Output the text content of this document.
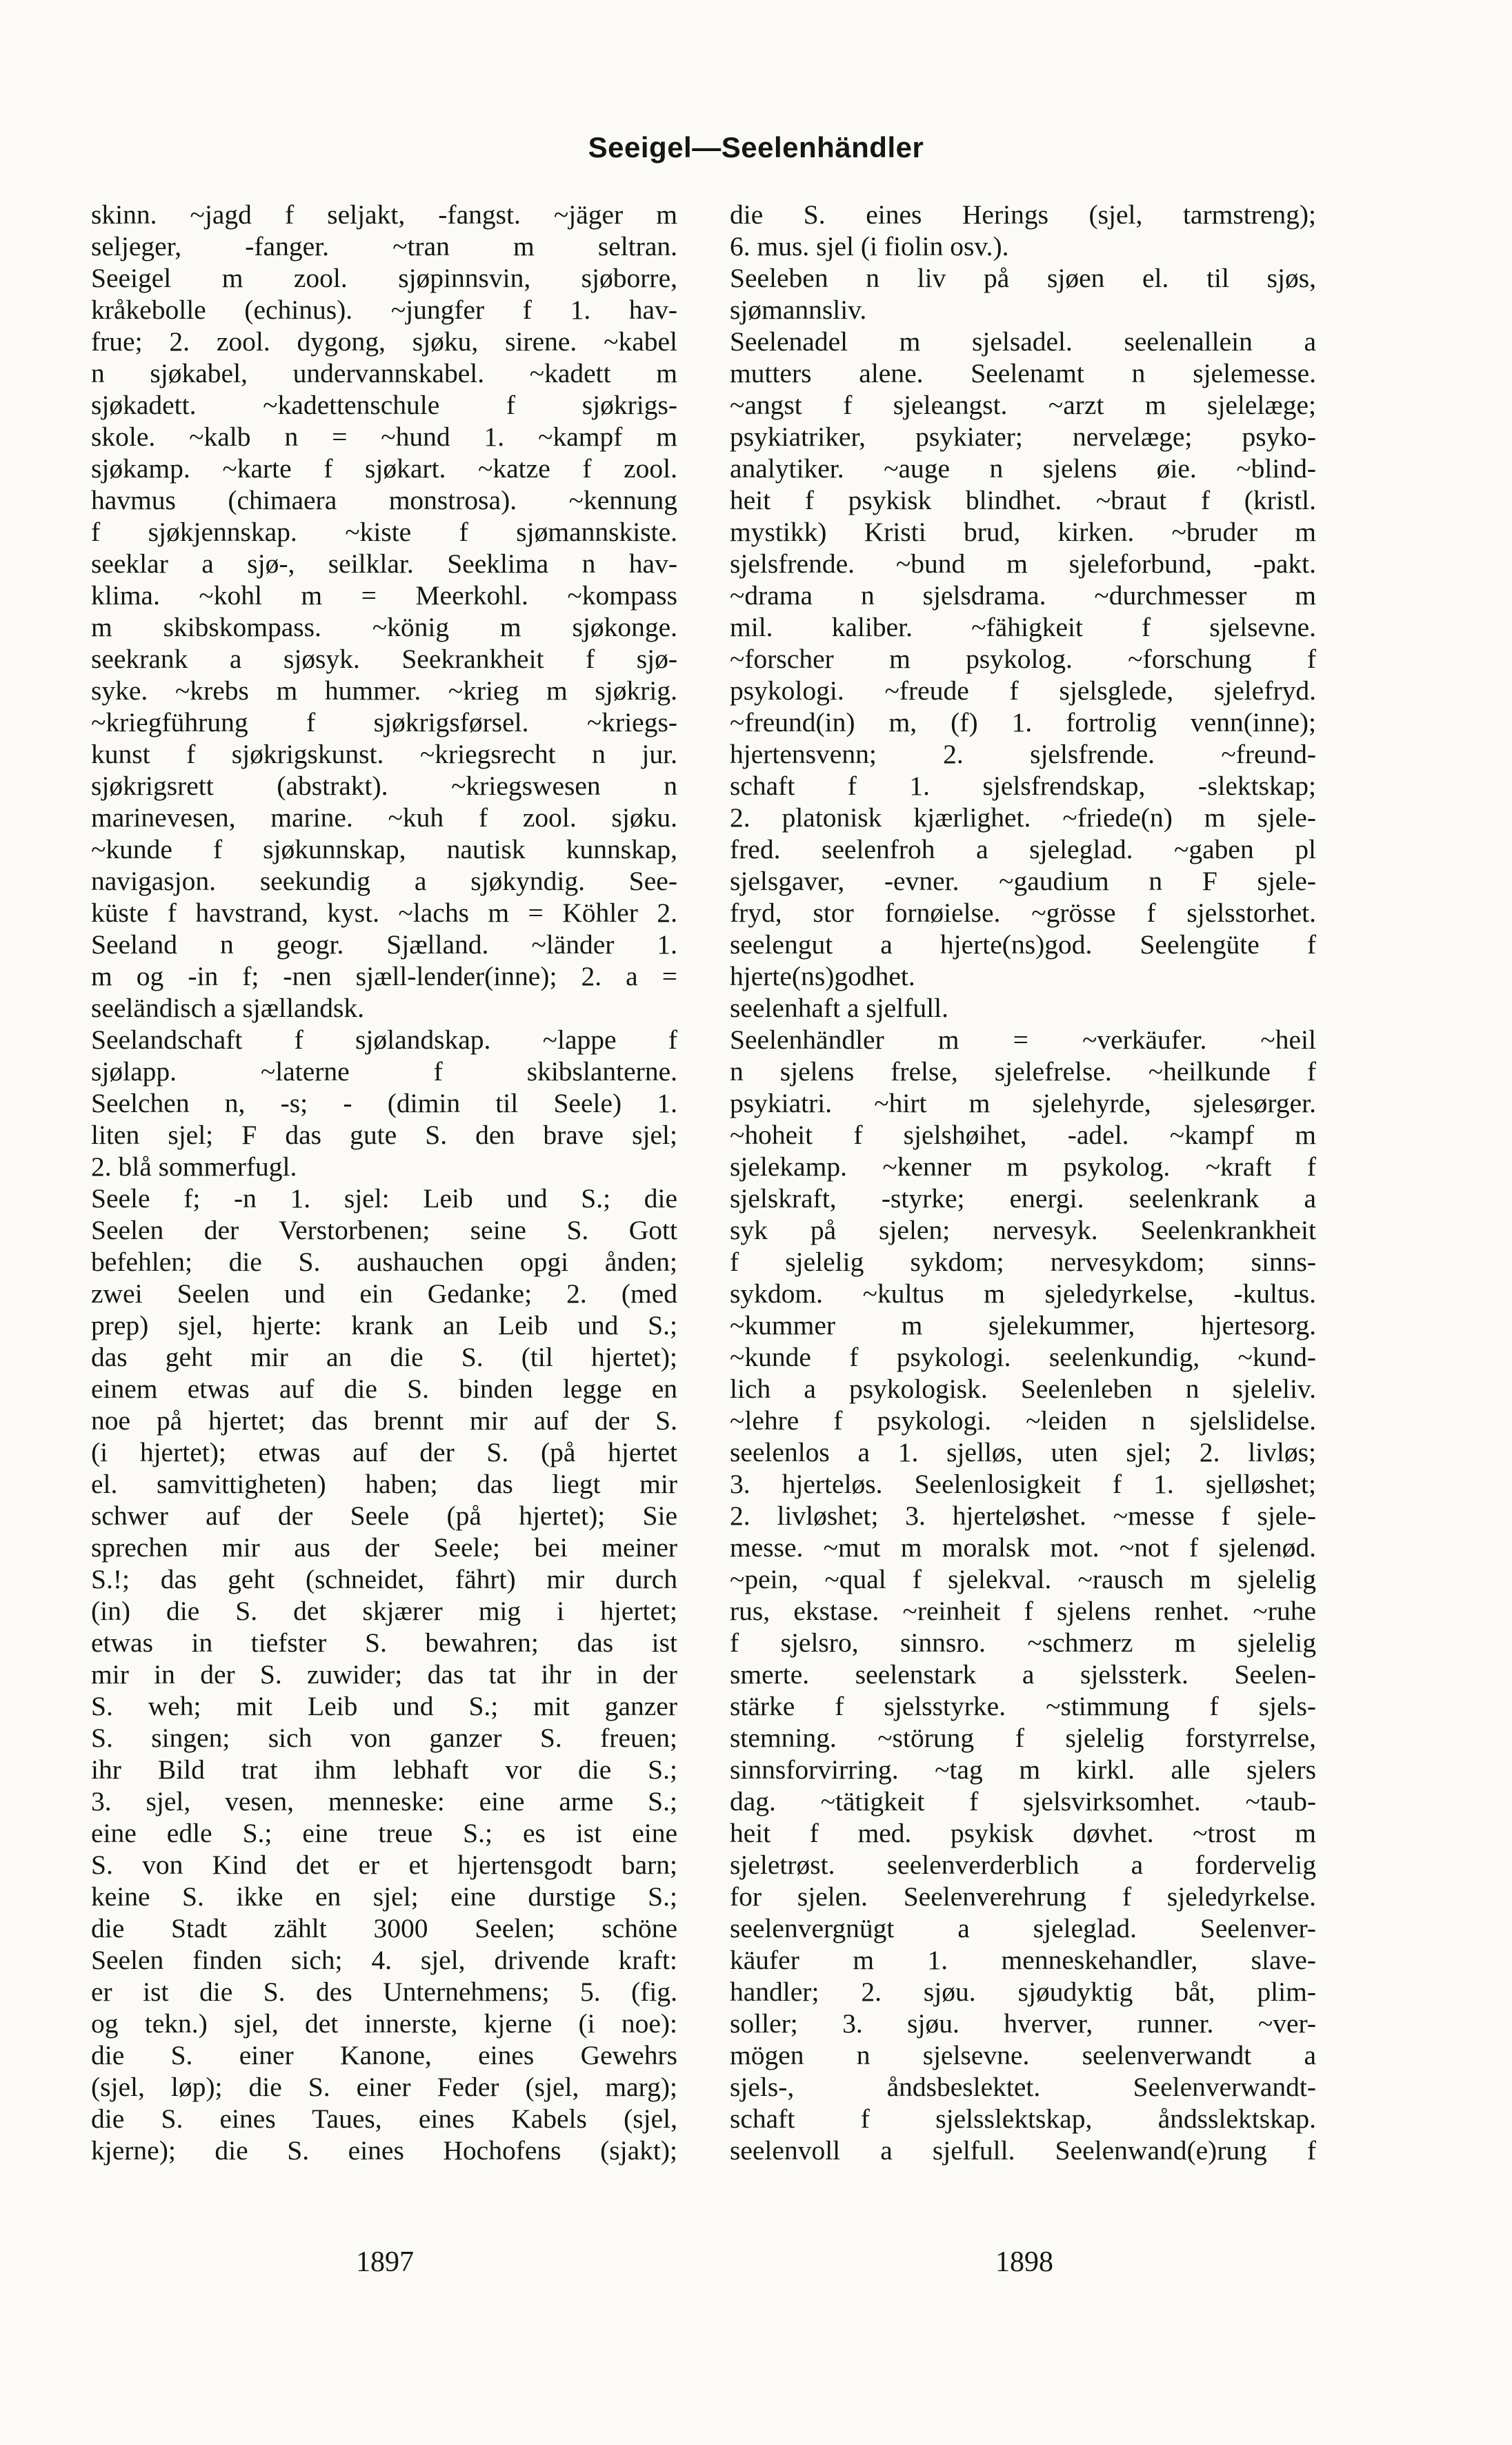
Seeigel—Seelenhändler
skinn. ~jagd f seljakt, -fangst. ~jäger m
seljeger, -fanger. ~tran m seltran.
Seeigel m zool. sjøpinnsvin, sjøborre,
kråkebolle (echinus). ~jungfer f 1. hav-
frue; 2. zool. dygong, sjøku, sirene. ~kabel
n sjøkabel, undervannskabel. ~kadett m
sjøkadett. ~kadettenschule f sjøkrigs-
skole. ~kalb n = ~hund 1. ~kampf m
sjøkamp. ~karte f sjøkart. ~katze f zool.
havmus (chimaera monstrosa). ~kennung
f sjøkjennskap. ~kiste f sjømannskiste.
seeklar a sjø-, seilklar. Seeklima n hav-
klima. ~kohl m = Meerkohl. ~kompass
m skibskompass. ~könig m sjøkonge.
seekrank a sjøsyk. Seekrankheit f sjø-
syke. ~krebs m hummer. ~krieg m sjøkrig.
~kriegführung f sjøkrigsførsel. ~kriegs-
kunst f sjøkrigskunst. ~kriegsrecht n jur.
sjøkrigsrett (abstrakt). ~kriegswesen n
marinevesen, marine. ~kuh f zool. sjøku.
~kunde f sjøkunnskap, nautisk kunnskap,
navigasjon. seekundig a sjøkyndig. See-
küste f havstrand, kyst. ~lachs m = Köhler 2.
Seeland n geogr. Sjælland. ~länder 1.
m og -in f; -nen sjæll-lender(inne); 2. a =
seeländisch a sjællandsk.
Seelandschaft f sjølandskap. ~lappe f
sjølapp. ~laterne f skibslanterne.
Seelchen n, -s; - (dimin til Seele) 1.
liten sjel; F das gute S. den brave sjel;
2. blå sommerfugl.
Seele f; -n 1. sjel: Leib und S.; die
Seelen der Verstorbenen; seine S. Gott
befehlen; die S. aushauchen opgi ånden;
zwei Seelen und ein Gedanke; 2. (med
prep) sjel, hjerte: krank an Leib und S.;
das geht mir an die S. (til hjertet);
einem etwas auf die S. binden legge en
noe på hjertet; das brennt mir auf der S.
(i hjertet); etwas auf der S. (på hjertet
el. samvittigheten) haben; das liegt mir
schwer auf der Seele (på hjertet); Sie
sprechen mir aus der Seele; bei meiner
S.!; das geht (schneidet, fährt) mir durch
(in) die S. det skjærer mig i hjertet;
etwas in tiefster S. bewahren; das ist
mir in der S. zuwider; das tat ihr in der
S. weh; mit Leib und S.; mit ganzer
S. singen; sich von ganzer S. freuen;
ihr Bild trat ihm lebhaft vor die S.;
3. sjel, vesen, menneske: eine arme S.;
eine edle S.; eine treue S.; es ist eine
S. von Kind det er et hjertensgodt barn;
keine S. ikke en sjel; eine durstige S.;
die Stadt zählt 3000 Seelen; schöne
Seelen finden sich; 4. sjel, drivende kraft:
er ist die S. des Unternehmens; 5. (fig.
og tekn.) sjel, det innerste, kjerne (i noe):
die S. einer Kanone, eines Gewehrs
(sjel, løp); die S. einer Feder (sjel, marg);
die S. eines Taues, eines Kabels (sjel,
kjerne); die S. eines Hochofens (sjakt);
die S. eines Herings (sjel, tarmstreng);
6. mus. sjel (i fiolin osv.).
Seeleben n liv på sjøen el. til sjøs,
sjømannsliv.
Seelenadel m sjelsadel. seelenallein a
mutters alene. Seelenamt n sjelemesse.
~angst f sjeleangst. ~arzt m sjelelæge;
psykiatriker, psykiater; nervelæge; psyko-
analytiker. ~auge n sjelens øie. ~blind-
heit f psykisk blindhet. ~braut f (kristl.
mystikk) Kristi brud, kirken. ~bruder m
sjelsfrende. ~bund m sjeleforbund, -pakt.
~drama n sjelsdrama. ~durchmesser m
mil. kaliber. ~fähigkeit f sjelsevne.
~forscher m psykolog. ~forschung f
psykologi. ~freude f sjelsglede, sjelefryd.
~freund(in) m, (f) 1. fortrolig venn(inne);
hjertensvenn; 2. sjelsfrende. ~freund-
schaft f 1. sjelsfrendskap, -slektskap;
2. platonisk kjærlighet. ~friede(n) m sjele-
fred. seelenfroh a sjeleglad. ~gaben pl
sjelsgaver, -evner. ~gaudium n F sjele-
fryd, stor fornøielse. ~grösse f sjelsstorhet.
seelengut a hjerte(ns)god. Seelengüte f
hjerte(ns)godhet.
seelenhaft a sjelfull.
Seelenhändler m = ~verkäufer. ~heil
n sjelens frelse, sjelefrelse. ~heilkunde f
psykiatri. ~hirt m sjelehyrde, sjelesørger.
~hoheit f sjelshøihet, -adel. ~kampf m
sjelekamp. ~kenner m psykolog. ~kraft f
sjelskraft, -styrke; energi. seelenkrank a
syk på sjelen; nervesyk. Seelenkrankheit
f sjelelig sykdom; nervesykdom; sinns-
sykdom. ~kultus m sjeledyrkelse, -kultus.
~kummer m sjelekummer, hjertesorg.
~kunde f psykologi. seelenkundig, ~kund-
lich a psykologisk. Seelenleben n sjeleliv.
~lehre f psykologi. ~leiden n sjelslidelse.
seelenlos a 1. sjelløs, uten sjel; 2. livløs;
3. hjerteløs. Seelenlosigkeit f 1. sjelløshet;
2. livløshet; 3. hjerteløshet. ~messe f sjele-
messe. ~mut m moralsk mot. ~not f sjelenød.
~pein, ~qual f sjelekval. ~rausch m sjelelig
rus, ekstase. ~reinheit f sjelens renhet. ~ruhe
f sjelsro, sinnsro. ~schmerz m sjelelig
smerte. seelenstark a sjelssterk. Seelen-
stärke f sjelsstyrke. ~stimmung f sjels-
stemning. ~störung f sjelelig forstyrrelse,
sinnsforvirring. ~tag m kirkl. alle sjelers
dag. ~tätigkeit f sjelsvirksomhet. ~taub-
heit f med. psykisk døvhet. ~trost m
sjeletrøst. seelenverderblich a fordervelig
for sjelen. Seelenverehrung f sjeledyrkelse.
seelenvergnügt a sjeleglad. Seelenver-
käufer m 1. menneskehandler, slave-
handler; 2. sjøu. sjøudyktig båt, plim-
soller; 3. sjøu. hverver, runner. ~ver-
mögen n sjelsevne. seelenverwandt a
sjels-, åndsbeslektet. Seelenverwandt-
schaft f sjelsslektskap, åndsslektskap.
seelenvoll a sjelfull. Seelenwand(e)rung f
1897	1898
